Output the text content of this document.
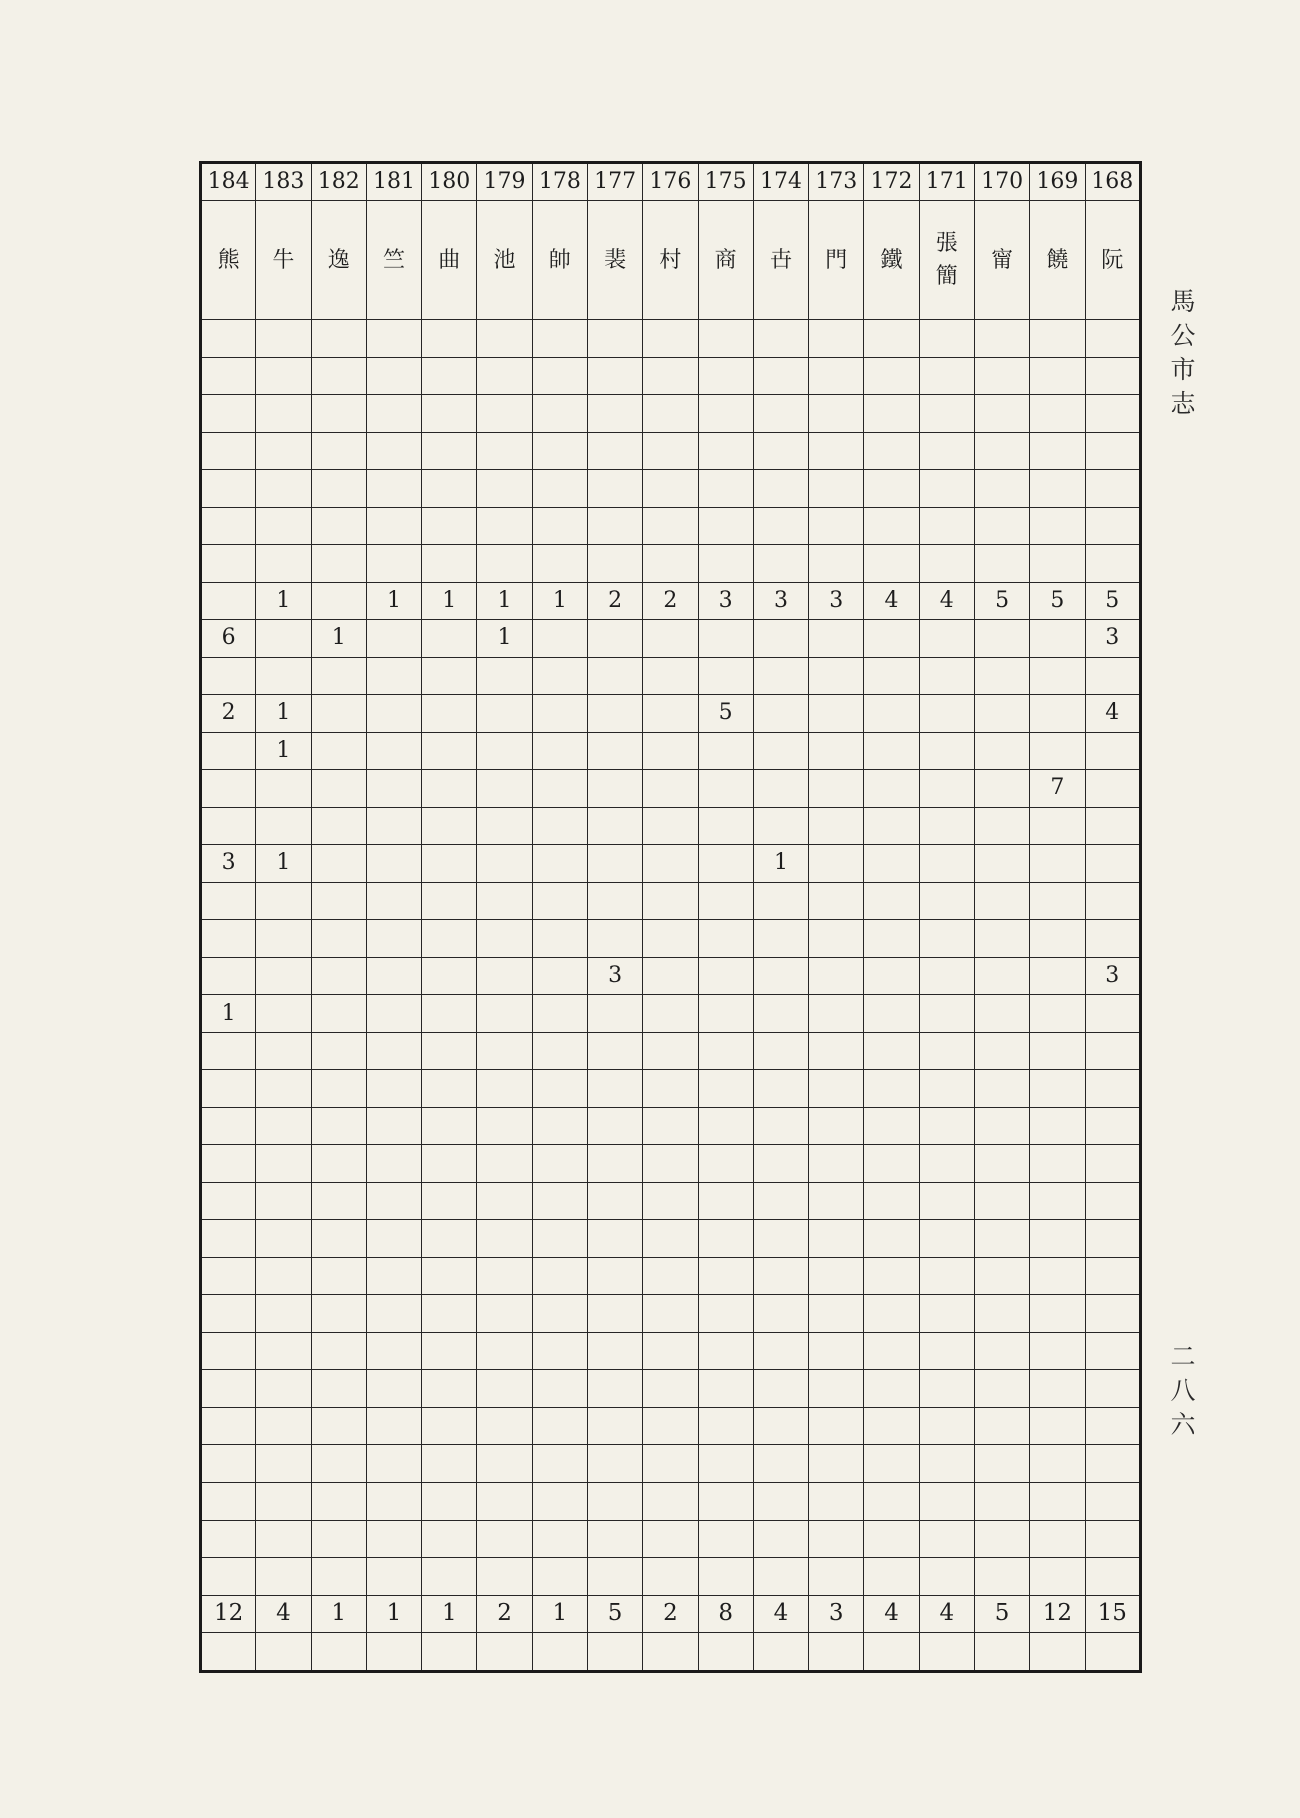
184	183	182	181	180	179	178	177	176	175	174	173	172	171	170	169	168
熊	牛	逸	竺	曲	池	帥	裴	村	商	卋	門	鐵	張簡	甯	饒	阮

	1		1	1	1	1	2	2	3	3	3	4	4	5	5	5
6		1			1											3

2	1								5							4
	1															
															7	

3	1									1						

							3									3
1																

12	4	1	1	1	2	1	5	2	8	4	3	4	4	5	12	15

馬
公
市
志
二
八
六
